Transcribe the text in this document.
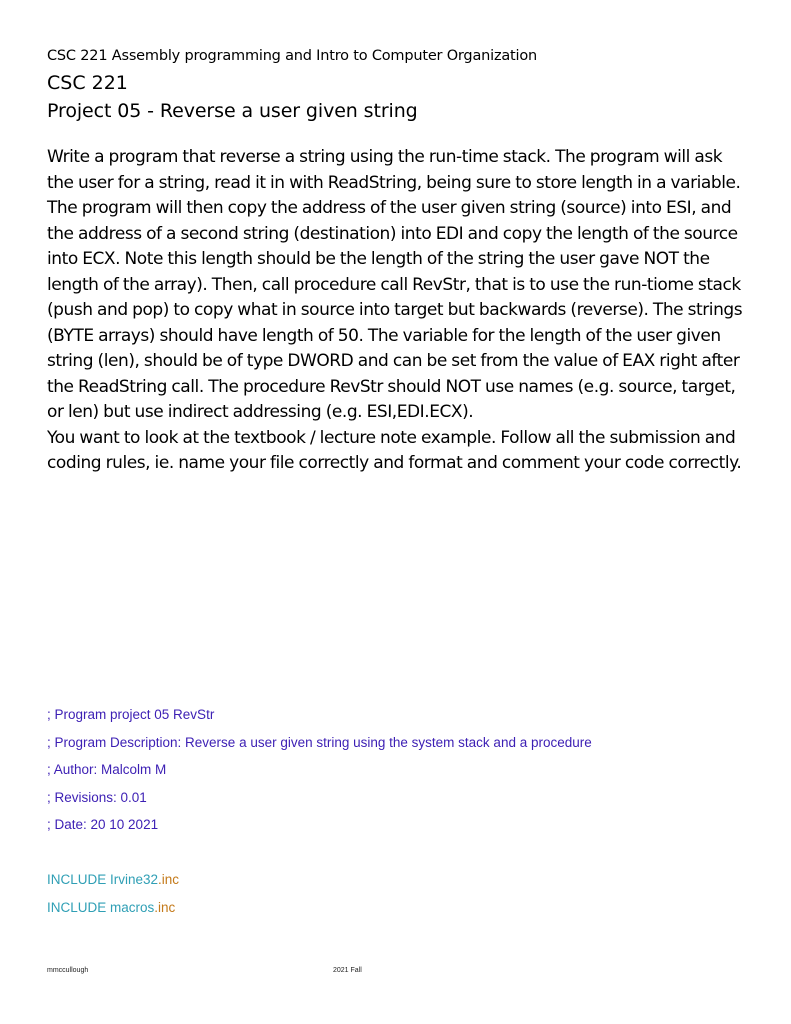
CSC 221 Assembly programming and Intro to Computer Organization
CSC 221
Project 05 - Reverse a user given string

Write a program that reverse a string using the run-time stack. The program will ask the user for a string, read it in with ReadString, being sure to store length in a variable. The program will then copy the address of the user given string (source) into ESI, and the address of a second string (destination) into EDI and copy the length of the source into ECX. Note this length should be the length of the string the user gave NOT the length of the array). Then, call procedure call RevStr, that is to use the run-tiome stack (push and pop) to copy what in source into target but backwards (reverse). The strings (BYTE arrays) should have length of 50. The variable for the length of the user given string (len), should be of type DWORD and can be set from the value of EAX right after the ReadString call. The procedure RevStr should NOT use names (e.g. source, target, or len) but use indirect addressing (e.g. ESI,EDI.ECX).

You want to look at the textbook / lecture note example. Follow all the submission and coding rules, ie. name your file correctly and format and comment your code correctly.

; Program project 05 RevStr
; Program Description: Reverse a user given string using the system stack and a procedure
; Author: Malcolm M
; Revisions: 0.01
; Date: 20 10 2021
INCLUDE Irvine32.inc
INCLUDE macros.inc
mmccullough	2021 Fall
